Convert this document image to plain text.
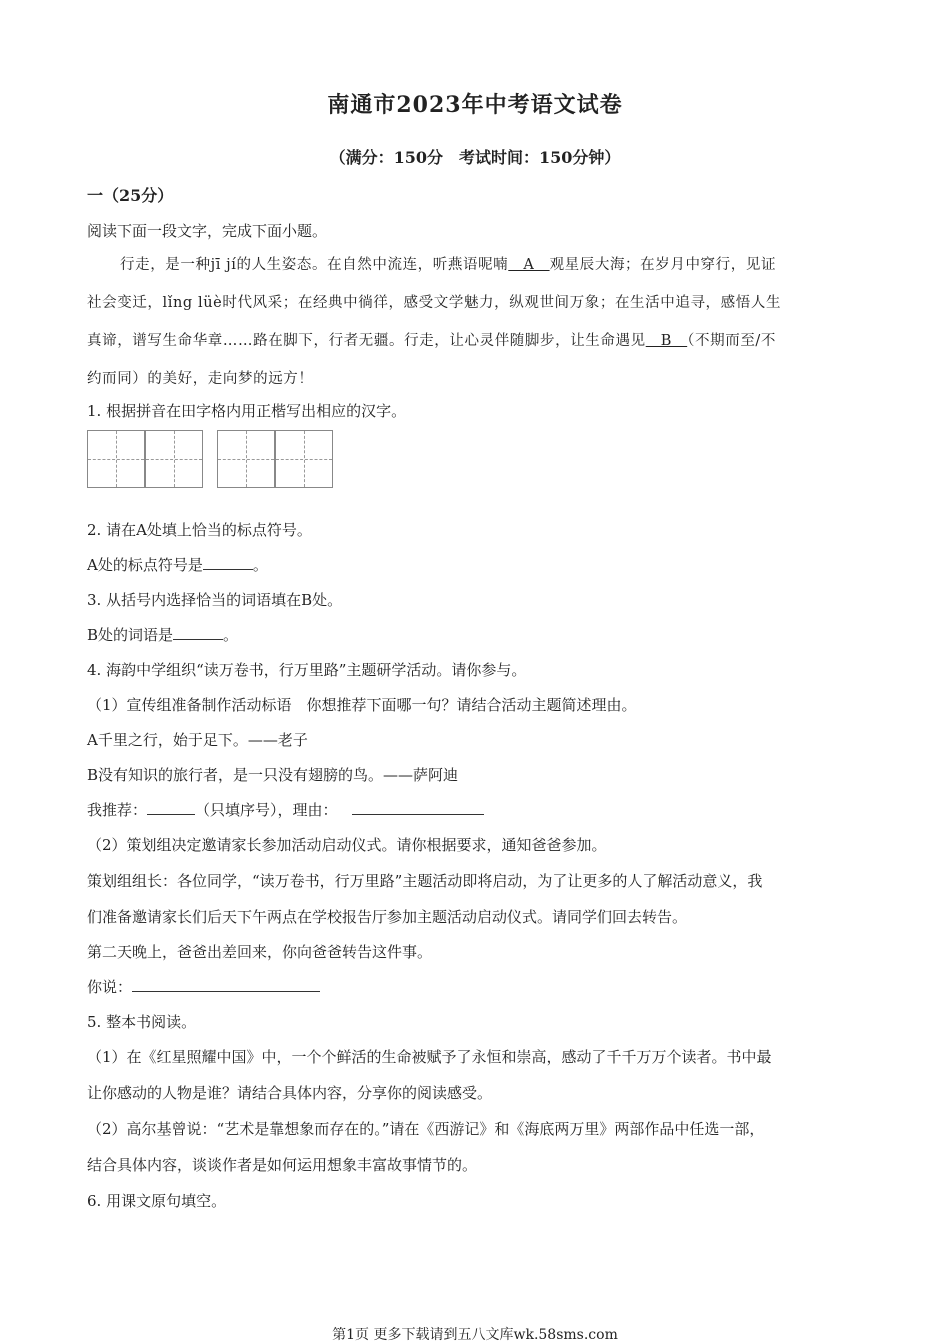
南通市2023年中考语文试卷
（满分：150分　考试时间：150分钟）
一（25分）
阅读下面一段文字，完成下面小题。
行走，是一种jī jí的人生姿态。在自然中流连，听燕语呢喃　A　观星辰大海；在岁月中穿行，见证
社会变迁，lǐng lüè时代风采；在经典中徜徉，感受文学魅力，纵观世间万象；在生活中追寻，感悟人生
真谛，谱写生命华章……路在脚下，行者无疆。行走，让心灵伴随脚步，让生命遇见　B　（不期而至/不
约而同）的美好，走向梦的远方！
1. 根据拼音在田字格内用正楷写出相应的汉字。
2. 请在A处填上恰当的标点符号。
A处的标点符号是	。
3. 从括号内选择恰当的词语填在B处。
B处的词语是	。
4. 海韵中学组织“读万卷书，行万里路”主题研学活动。请你参与。
（1）宣传组准备制作活动标语　你想推荐下面哪一句？请结合活动主题简述理由。
A千里之行，始于足下。——老子
B没有知识的旅行者，是一只没有翅膀的鸟。——萨阿迪
我推荐：	（只填序号），理由：
（2）策划组决定邀请家长参加活动启动仪式。请你根据要求，通知爸爸参加。
策划组组长：各位同学，“读万卷书，行万里路”主题活动即将启动，为了让更多的人了解活动意义，我
们准备邀请家长们后天下午两点在学校报告厅参加主题活动启动仪式。请同学们回去转告。
第二天晚上，爸爸出差回来，你向爸爸转告这件事。
你说：
5. 整本书阅读。
（1）在《红星照耀中国》中，一个个鲜活的生命被赋予了永恒和崇高，感动了千千万万个读者。书中最
让你感动的人物是谁？请结合具体内容，分享你的阅读感受。
（2）高尔基曾说：“艺术是靠想象而存在的。”请在《西游记》和《海底两万里》两部作品中任选一部，
结合具体内容，谈谈作者是如何运用想象丰富故事情节的。
6. 用课文原句填空。
第1页 更多下载请到五八文库wk.58sms.com
